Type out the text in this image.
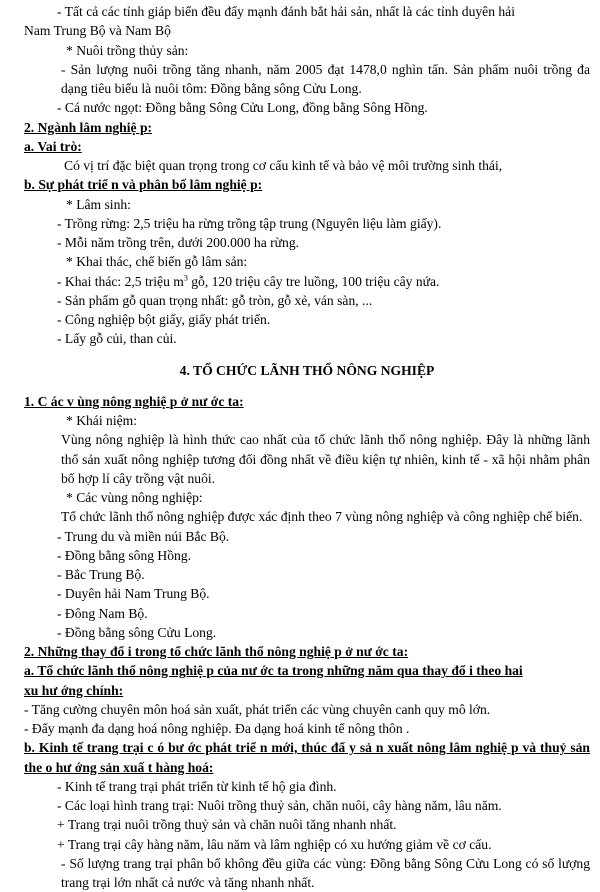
- Tất cả các tỉnh giáp biển đều đẩy mạnh đánh bắt hải sản, nhất là các tỉnh duyên hải
Nam Trung Bộ và Nam Bộ
* Nuôi trồng thủy sản:
- Sản lượng nuôi trồng tăng nhanh, năm 2005 đạt 1478,0 nghìn tấn. Sản phẩm nuôi trồng đa dạng tiêu biểu là nuôi tôm: Đồng bằng sông Cửu Long.
- Cá nước ngọt: Đồng bằng Sông Cửu Long, đồng bằng Sông Hồng.
2. Ngành lâm nghiệ p:
a. Vai trò:
Có vị trí đặc biệt quan trọng trong cơ cấu kinh tế và bảo vệ môi trường sinh thái,
b. Sự phát triể n và phân bố lâm nghiệ p:
* Lâm sinh:
- Trồng rừng: 2,5 triệu ha rừng trồng tập trung (Nguyên liệu làm giấy).
- Mỗi năm trồng trên, dưới 200.000 ha rừng.
* Khai thác, chế biến gỗ lâm sản:
- Khai thác: 2,5 triệu $m^3$ gỗ, 120 triệu cây tre luồng, 100 triệu cây nứa.
- Sản phẩm gỗ quan trọng nhất: gỗ tròn, gỗ xẻ, ván sàn, ...
- Công nghiệp bột giấy, giấy phát triển.
- Lấy gỗ củi, than củi.
4. TỔ CHỨC LÃNH THỔ NÔNG NGHIỆP
1. C ác v ùng nông nghiệ p ở nư ớc ta:
* Khái niệm:
Vùng nông nghiệp là hình thức cao nhất của tổ chức lãnh thổ nông nghiệp. Đây là những lãnh thổ sản xuất nông nghiệp tương đối đồng nhất về điều kiện tự nhiên, kinh tế - xã hội nhằm phân bố hợp lí cây trồng vật nuôi.
* Các vùng nông nghiệp:
Tổ chức lãnh thổ nông nghiệp được xác định theo 7 vùng nông nghiệp và công nghiệp chế biến.
- Trung du và miền núi Bắc Bộ.
- Đồng bằng sông Hồng.
- Bắc Trung Bộ.
- Duyên hải Nam Trung Bộ.
- Đông Nam Bộ.
- Đồng bằng sông Cửu Long.
2. Những thay đổ i trong tổ chức lãnh thổ nông nghiệ p ở nư ớc ta:
a. Tổ chức lãnh thổ nông nghiệ p của nư ớc ta trong những năm qua thay đổ i theo hai
xu hư ớng chính:
- Tăng cường chuyên môn hoá sản xuất, phát triển các vùng chuyên canh quy mô lớn.
- Đẩy mạnh đa dạng hoá nông nghiệp. Đa dạng hoá kinh tế nông thôn .
b. Kinh tế trang trại c ó bư ớc phát triể n mới, thúc đẩ y sả n xuất nông lâm nghiệ p và thuỷ sản the o hư ớng sản xuấ t hàng hoá:
- Kinh tế trang trại phát triển từ kinh tế hộ gia đình.
- Các loại hình trang trại: Nuôi trồng thuỷ sản, chăn nuôi, cây hàng năm, lâu năm.
+ Trang trại nuôi trồng thuỷ sản và chăn nuôi tăng nhanh nhất.
+ Trang trại cây hàng năm, lâu năm và lâm nghiệp có xu hướng giảm về cơ cấu.
- Số lượng trang trại phân bố không đều giữa các vùng: Đồng bằng Sông Cửu Long có số lượng trang trại lớn nhất cả nước và tăng nhanh nhất.
